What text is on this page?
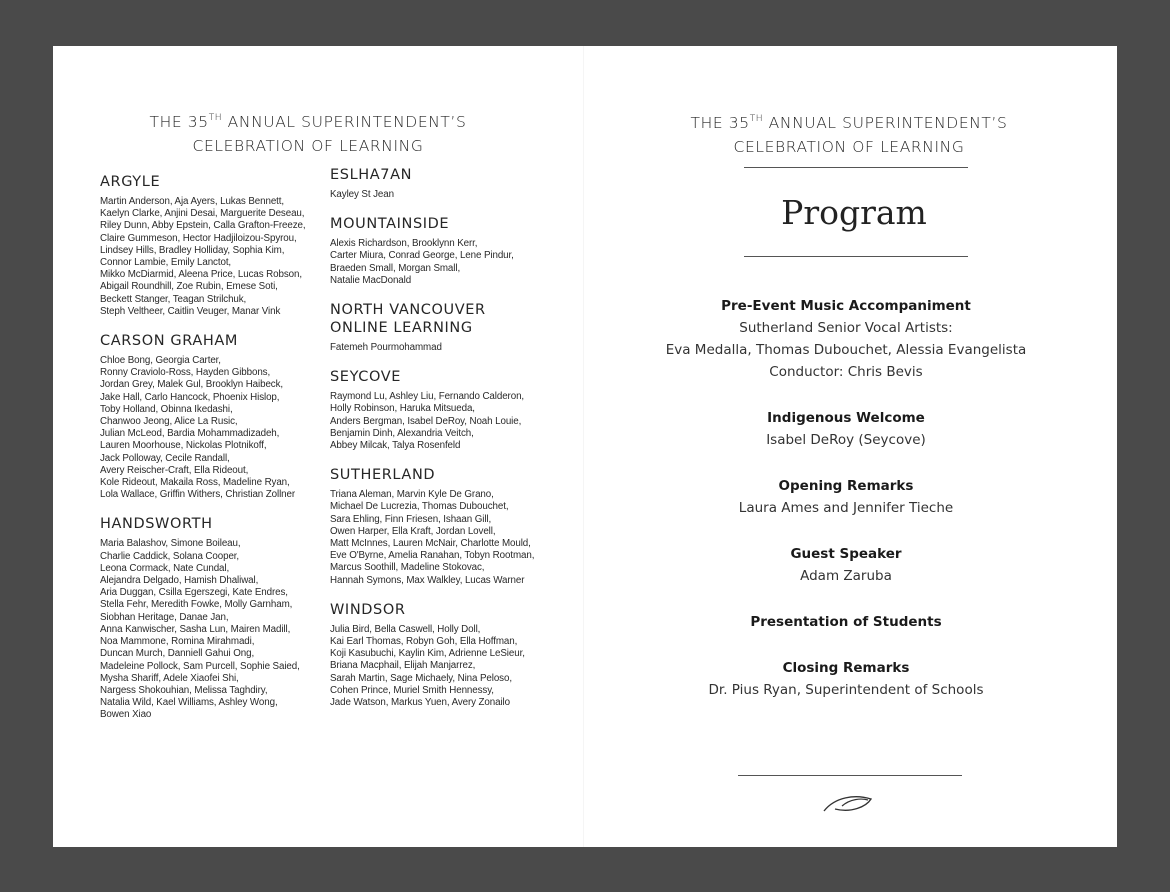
THE 35TH ANNUAL SUPERINTENDENT’S
CELEBRATION OF LEARNING
ARGYLE
Martin Anderson, Aja Ayers, Lukas Bennett,
Kaelyn Clarke, Anjini Desai, Marguerite Deseau,
Riley Dunn, Abby Epstein, Calla Grafton-Freeze,
Claire Gummeson, Hector Hadjiloizou-Spyrou,
Lindsey Hills, Bradley Holliday, Sophia Kim,
Connor Lambie, Emily Lanctot,
Mikko McDiarmid, Aleena Price, Lucas Robson,
Abigail Roundhill, Zoe Rubin, Emese Soti,
Beckett Stanger, Teagan Strilchuk,
Steph Veltheer, Caitlin Veuger, Manar Vink
CARSON GRAHAM
Chloe Bong, Georgia Carter,
Ronny Craviolo-Ross, Hayden Gibbons,
Jordan Grey, Malek Gul, Brooklyn Haibeck,
Jake Hall, Carlo Hancock, Phoenix Hislop,
Toby Holland, Obinna Ikedashi,
Chanwoo Jeong, Alice La Rusic,
Julian McLeod, Bardia Mohammadizadeh,
Lauren Moorhouse, Nickolas Plotnikoff,
Jack Polloway, Cecile Randall,
Avery Reischer-Craft, Ella Rideout,
Kole Rideout, Makaila Ross, Madeline Ryan,
Lola Wallace, Griffin Withers, Christian Zollner
HANDSWORTH
Maria Balashov, Simone Boileau,
Charlie Caddick, Solana Cooper,
Leona Cormack, Nate Cundal,
Alejandra Delgado, Hamish Dhaliwal,
Aria Duggan, Csilla Egerszegi, Kate Endres,
Stella Fehr, Meredith Fowke, Molly Garnham,
Siobhan Heritage, Danae Jan,
Anna Kanwischer, Sasha Lun, Mairen Madill,
Noa Mammone, Romina Mirahmadi,
Duncan Murch, Danniell Gahui Ong,
Madeleine Pollock, Sam Purcell, Sophie Saied,
Mysha Shariff, Adele Xiaofei Shi,
Nargess Shokouhian, Melissa Taghdiry,
Natalia Wild, Kael Williams, Ashley Wong,
Bowen Xiao
ESLHA7AN
Kayley St Jean
MOUNTAINSIDE
Alexis Richardson, Brooklynn Kerr,
Carter Miura, Conrad George, Lene Pindur,
Braeden Small, Morgan Small,
Natalie MacDonald
NORTH VANCOUVER ONLINE LEARNING
Fatemeh Pourmohammad
SEYCOVE
Raymond Lu, Ashley Liu, Fernando Calderon,
Holly Robinson, Haruka Mitsueda,
Anders Bergman, Isabel DeRoy, Noah Louie,
Benjamin Dinh, Alexandria Veitch,
Abbey Milcak, Talya Rosenfeld
SUTHERLAND
Triana Aleman, Marvin Kyle De Grano,
Michael De Lucrezia, Thomas Dubouchet,
Sara Ehling, Finn Friesen, Ishaan Gill,
Owen Harper, Ella Kraft, Jordan Lovell,
Matt McInnes, Lauren McNair, Charlotte Mould,
Eve O'Byrne, Amelia Ranahan, Tobyn Rootman,
Marcus Soothill, Madeline Stokovac,
Hannah Symons, Max Walkley, Lucas Warner
WINDSOR
Julia Bird, Bella Caswell, Holly Doll,
Kai Earl Thomas, Robyn Goh, Ella Hoffman,
Koji Kasubuchi, Kaylin Kim, Adrienne LeSieur,
Briana Macphail, Elijah Manjarrez,
Sarah Martin, Sage Michaely, Nina Peloso,
Cohen Prince, Muriel Smith Hennessy,
Jade Watson, Markus Yuen, Avery Zonailo
THE 35TH ANNUAL SUPERINTENDENT’S
CELEBRATION OF LEARNING
Program
Pre-Event Music Accompaniment
Sutherland Senior Vocal Artists:
Eva Medalla, Thomas Dubouchet, Alessia Evangelista
Conductor: Chris Bevis
Indigenous Welcome
Isabel DeRoy (Seycove)
Opening Remarks
Laura Ames and Jennifer Tieche
Guest Speaker
Adam Zaruba
Presentation of Students
Closing Remarks
Dr. Pius Ryan, Superintendent of Schools
